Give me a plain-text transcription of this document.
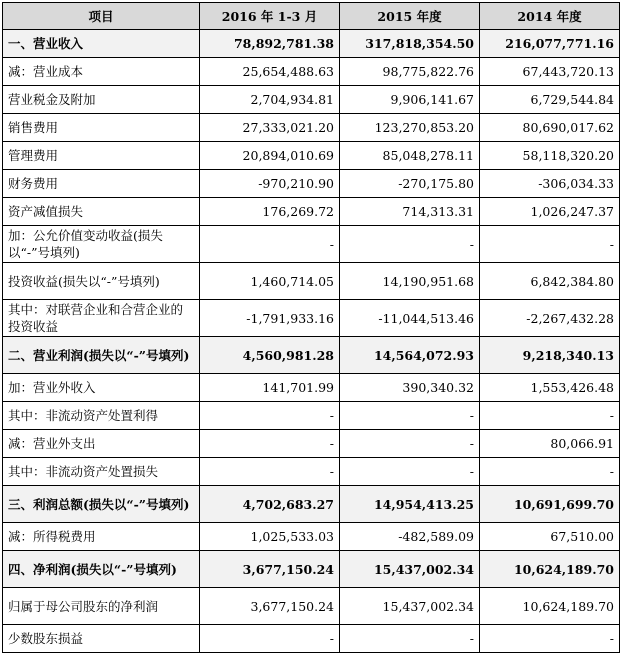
项目	2016 年 1-3 月	2015 年度	2014 年度
一、营业收入	78,892,781.38	317,818,354.50	216,077,771.16
减：营业成本	25,654,488.63	98,775,822.76	67,443,720.13
营业税金及附加	2,704,934.81	9,906,141.67	6,729,544.84
销售费用	27,333,021.20	123,270,853.20	80,690,017.62
管理费用	20,894,010.69	85,048,278.11	58,118,320.20
财务费用	-970,210.90	-270,175.80	-306,034.33
资产减值损失	176,269.72	714,313.31	1,026,247.37
加：公允价值变动收益(损失以“-”号填列)	-	-	-
投资收益(损失以“-”号填列)	1,460,714.05	14,190,951.68	6,842,384.80
其中：对联营企业和合营企业的投资收益	-1,791,933.16	-11,044,513.46	-2,267,432.28
二、营业利润(损失以“-”号填列)	4,560,981.28	14,564,072.93	9,218,340.13
加：营业外收入	141,701.99	390,340.32	1,553,426.48
其中：非流动资产处置利得	-	-	-
减：营业外支出	-	-	80,066.91
其中：非流动资产处置损失	-	-	-
三、利润总额(损失以“-”号填列)	4,702,683.27	14,954,413.25	10,691,699.70
减：所得税费用	1,025,533.03	-482,589.09	67,510.00
四、净利润(损失以“-”号填列)	3,677,150.24	15,437,002.34	10,624,189.70
归属于母公司股东的净利润	3,677,150.24	15,437,002.34	10,624,189.70
少数股东损益	-	-	-
